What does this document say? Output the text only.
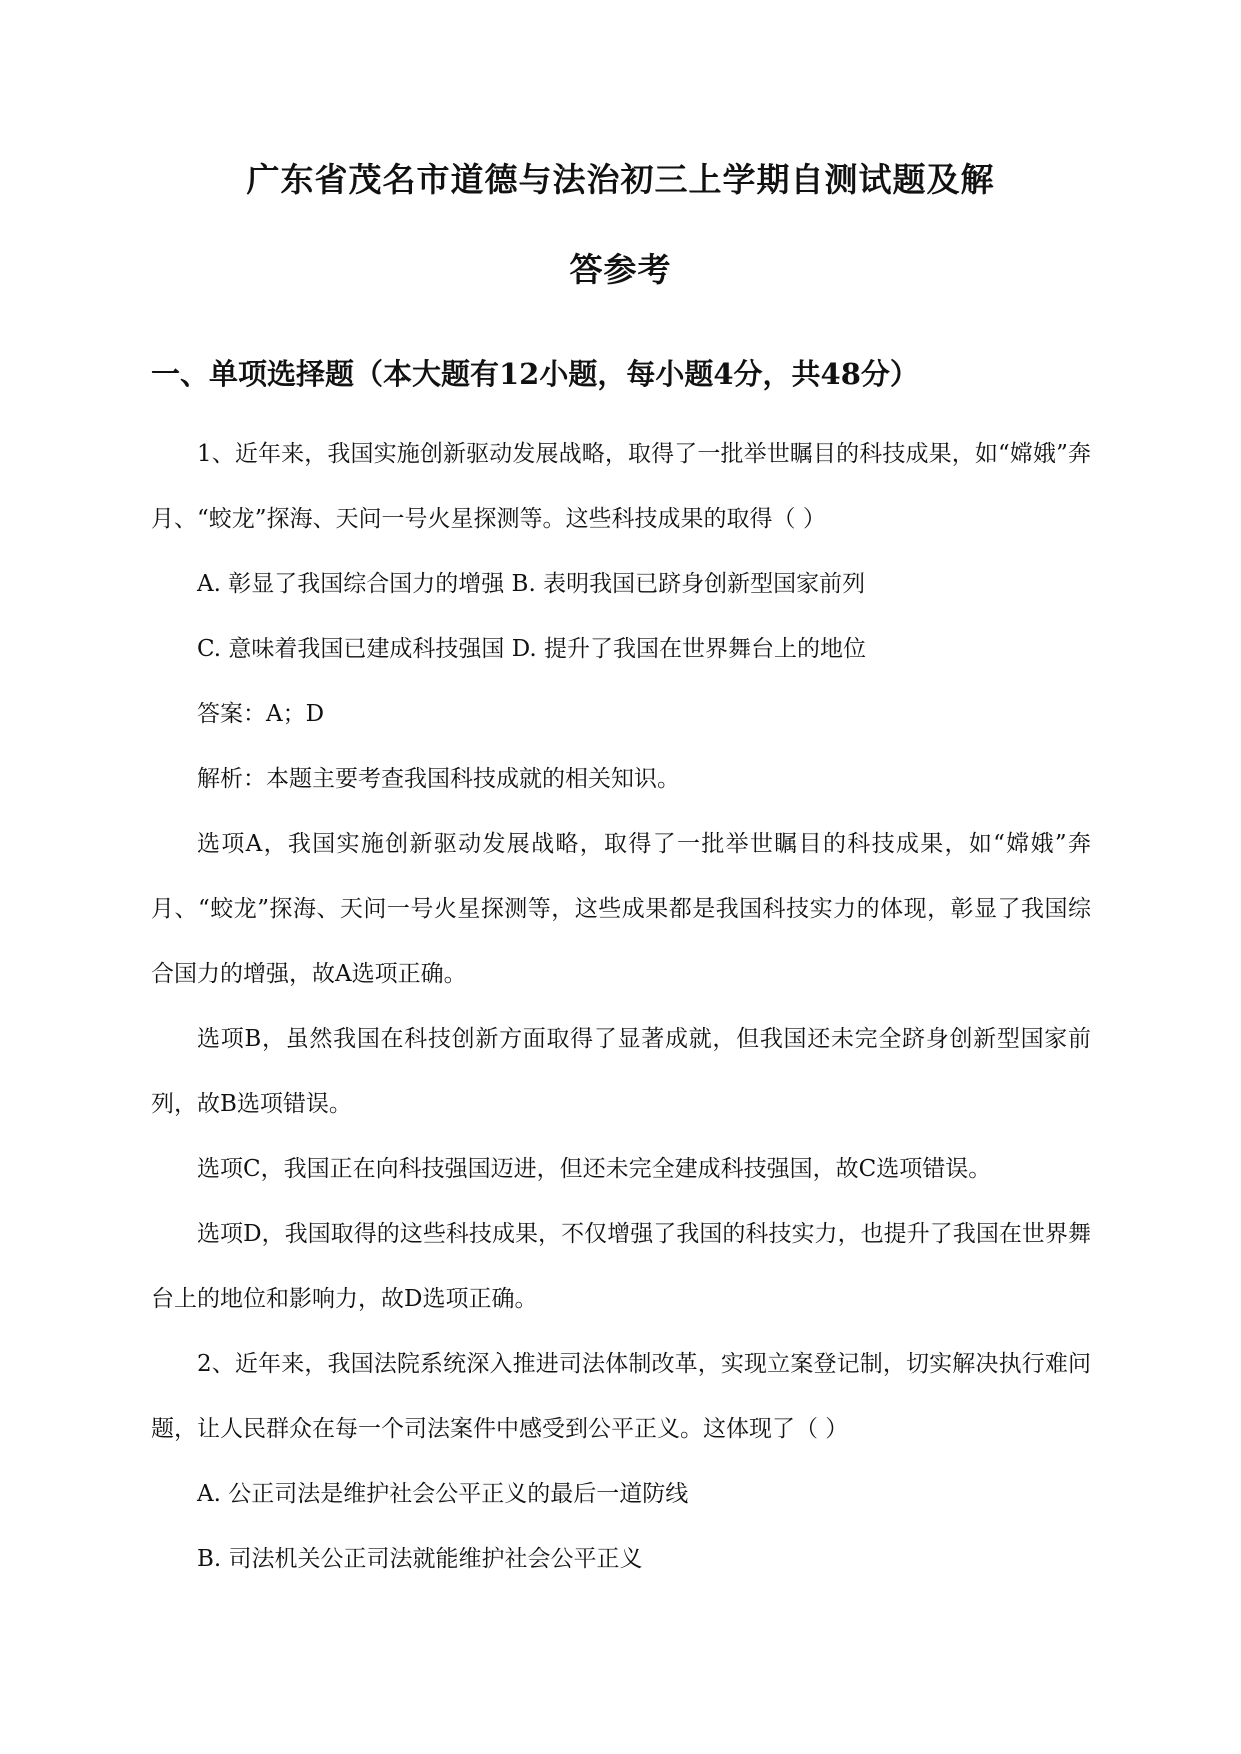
广东省茂名市道德与法治初三上学期自测试题及解
答参考
一、单项选择题（本大题有12小题，每小题4分，共48分）

1、近年来，我国实施创新驱动发展战略，取得了一批举世瞩目的科技成果，如“嫦娥”奔月、“蛟龙”探海、天问一号火星探测等。这些科技成果的取得（ ）

A. 彰显了我国综合国力的增强 B. 表明我国已跻身创新型国家前列

C. 意味着我国已建成科技强国 D. 提升了我国在世界舞台上的地位

答案：A；D

解析：本题主要考查我国科技成就的相关知识。

选项A，我国实施创新驱动发展战略，取得了一批举世瞩目的科技成果，如“嫦娥”奔月、“蛟龙”探海、天问一号火星探测等，这些成果都是我国科技实力的体现，彰显了我国综合国力的增强，故A选项正确。

选项B，虽然我国在科技创新方面取得了显著成就，但我国还未完全跻身创新型国家前列，故B选项错误。

选项C，我国正在向科技强国迈进，但还未完全建成科技强国，故C选项错误。

选项D，我国取得的这些科技成果，不仅增强了我国的科技实力，也提升了我国在世界舞台上的地位和影响力，故D选项正确。

2、近年来，我国法院系统深入推进司法体制改革，实现立案登记制，切实解决执行难问题，让人民群众在每一个司法案件中感受到公平正义。这体现了（ ）

A. 公正司法是维护社会公平正义的最后一道防线

B. 司法机关公正司法就能维护社会公平正义
